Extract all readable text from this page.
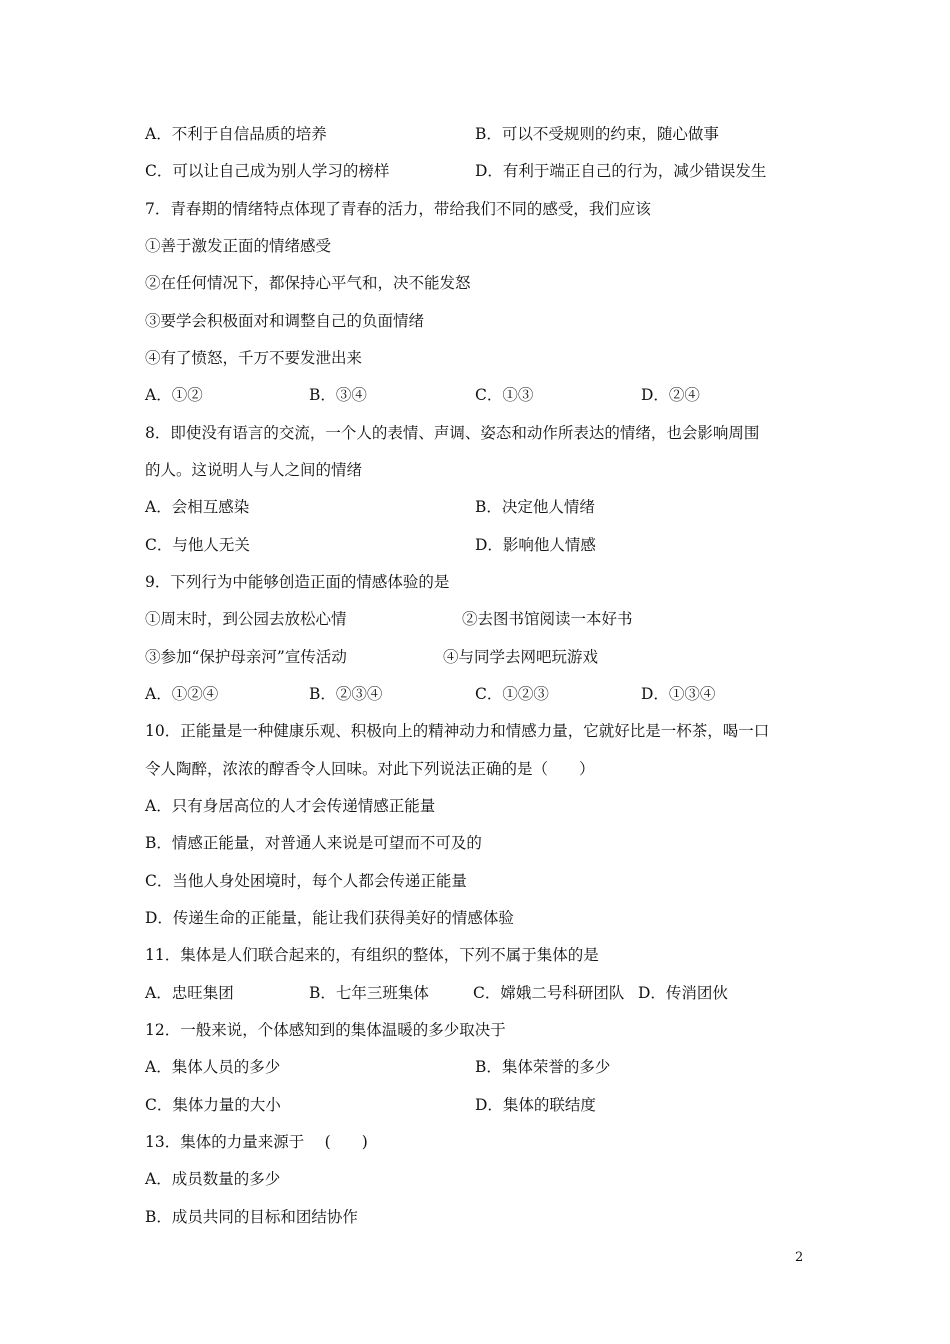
A．不利于自信品质的培养	B．可以不受规则的约束，随心做事
C．可以让自己成为别人学习的榜样	D．有利于端正自己的行为，减少错误发生
7．青春期的情绪特点体现了青春的活力，带给我们不同的感受，我们应该
①善于激发正面的情绪感受
②在任何情况下，都保持心平气和，决不能发怒
③要学会积极面对和调整自己的负面情绪
④有了愤怒，千万不要发泄出来
A．①②	B．③④	C．①③	D．②④
8．即使没有语言的交流，一个人的表情、声调、姿态和动作所表达的情绪，也会影响周围
的人。这说明人与人之间的情绪
A．会相互感染	B．决定他人情绪
C．与他人无关	D．影响他人情感
9．下列行为中能够创造正面的情感体验的是
①周末时，到公园去放松心情	②去图书馆阅读一本好书
③参加“保护母亲河”宣传活动	④与同学去网吧玩游戏
A．①②④	B．②③④	C．①②③	D．①③④
10．正能量是一种健康乐观、积极向上的精神动力和情感力量，它就好比是一杯茶，喝一口
令人陶醉，浓浓的醇香令人回味。对此下列说法正确的是（　　）
A．只有身居高位的人才会传递情感正能量
B．情感正能量，对普通人来说是可望而不可及的
C．当他人身处困境时，每个人都会传递正能量
D．传递生命的正能量，能让我们获得美好的情感体验
11．集体是人们联合起来的，有组织的整体，下列不属于集体的是
A．忠旺集团	B．七年三班集体	C．嫦娥二号科研团队 D．传消团伙
12．一般来说，个体感知到的集体温暖的多少取决于
A．集体人员的多少	B．集体荣誉的多少
C．集体力量的大小	D．集体的联结度
13．集体的力量来源于　 (　　)
A．成员数量的多少
B．成员共同的目标和团结协作
2
